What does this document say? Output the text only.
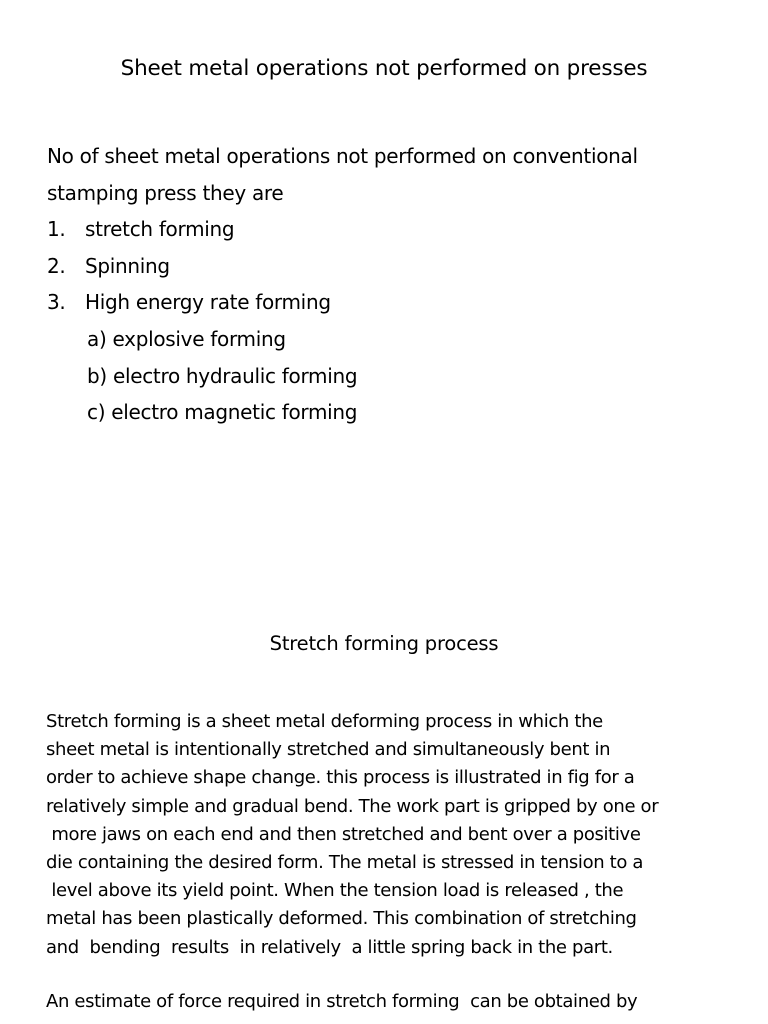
Sheet metal operations not performed on presses
No of sheet metal operations not performed on conventional
stamping press they are
1. stretch forming
2. Spinning
3. High energy rate forming
a) explosive forming
b) electro hydraulic forming
c) electro magnetic forming
Stretch forming process
Stretch forming is a sheet metal deforming process in which the
sheet metal is intentionally stretched and simultaneously bent in
order to achieve shape change. this process is illustrated in fig for a
relatively simple and gradual bend. The work part is gripped by one or
more jaws on each end and then stretched and bent over a positive
die containing the desired form. The metal is stressed in tension to a
level above its yield point. When the tension load is released , the
metal has been plastically deformed. This combination of stretching
and  bending  results  in relatively  a little spring back in the part.
An estimate of force required in stretch forming  can be obtained by
